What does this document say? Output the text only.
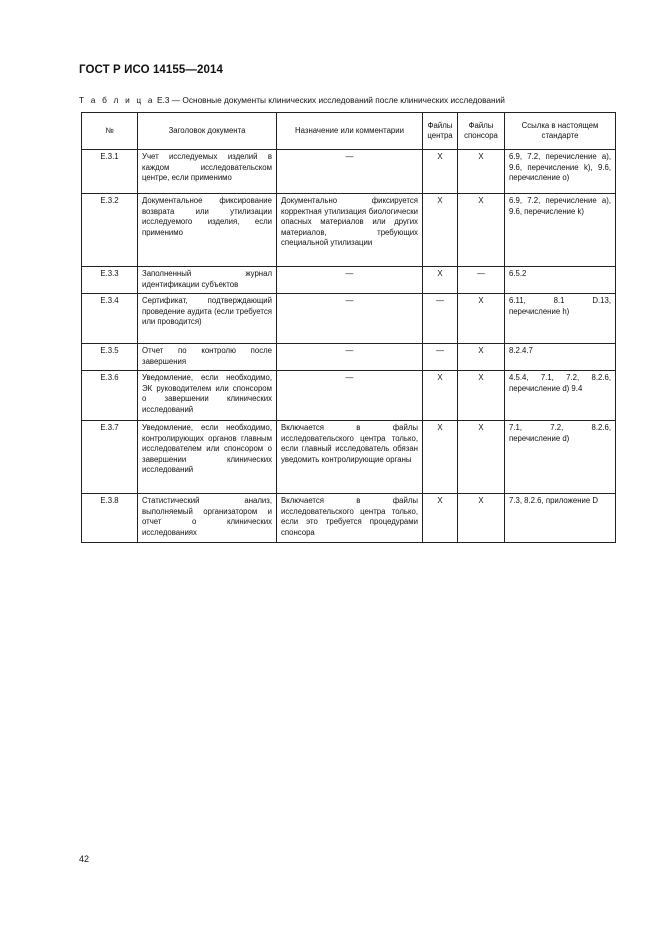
ГОСТ Р ИСО 14155—2014
Т а б л и ц а Е.3 — Основные документы клинических исследований после клинических исследований
№	Заголовок документа	Назначение или комментарии	Файлы центра	Файлы спонсора	Ссылка в настоящем стандарте
Е.3.1	Учет исследуемых изделий в каждом исследовательском центре, если применимо	—	X	X	6.9, 7.2, перечисление а), 9.6, перечисление k), 9.6, перечисление о)
Е.3.2	Документальное фиксирование возврата или утилизации исследуемого изделия, если применимо	Документально фиксируется корректная утилизация биологически опасных материалов или других материалов, требующих специальной утилизации	X	X	6.9, 7.2, перечисление а), 9.6, перечисление k)
Е.3.3	Заполненный журнал идентификации субъектов	—	X	—	6.5.2
Е.3.4	Сертификат, подтверждающий проведение аудита (если требуется или проводится)	—	—	X	6.11, 8.1 D.13, перечисление h)
Е.3.5	Отчет по контролю после завершения	—	—	X	8.2.4.7
Е.3.6	Уведомление, если необходимо, ЭК руководителем или спонсором о завершении клинических исследований	—	X	X	4.5.4, 7.1, 7.2, 8.2.6, перечисление d) 9.4
Е.3.7	Уведомление, если необходимо, контролирующих органов главным исследователем или спонсором о завершении клинических исследований	Включается в файлы исследовательского центра только, если главный исследователь обязан уведомить контролирующие органы	X	X	7.1, 7.2, 8.2.6, перечисление d)
Е.3.8	Статистический анализ, выполняемый организатором и отчет о клинических исследованиях	Включается в файлы исследовательского центра только, если это требуется процедурами спонсора	X	X	7.3, 8.2.6, приложение D
42
